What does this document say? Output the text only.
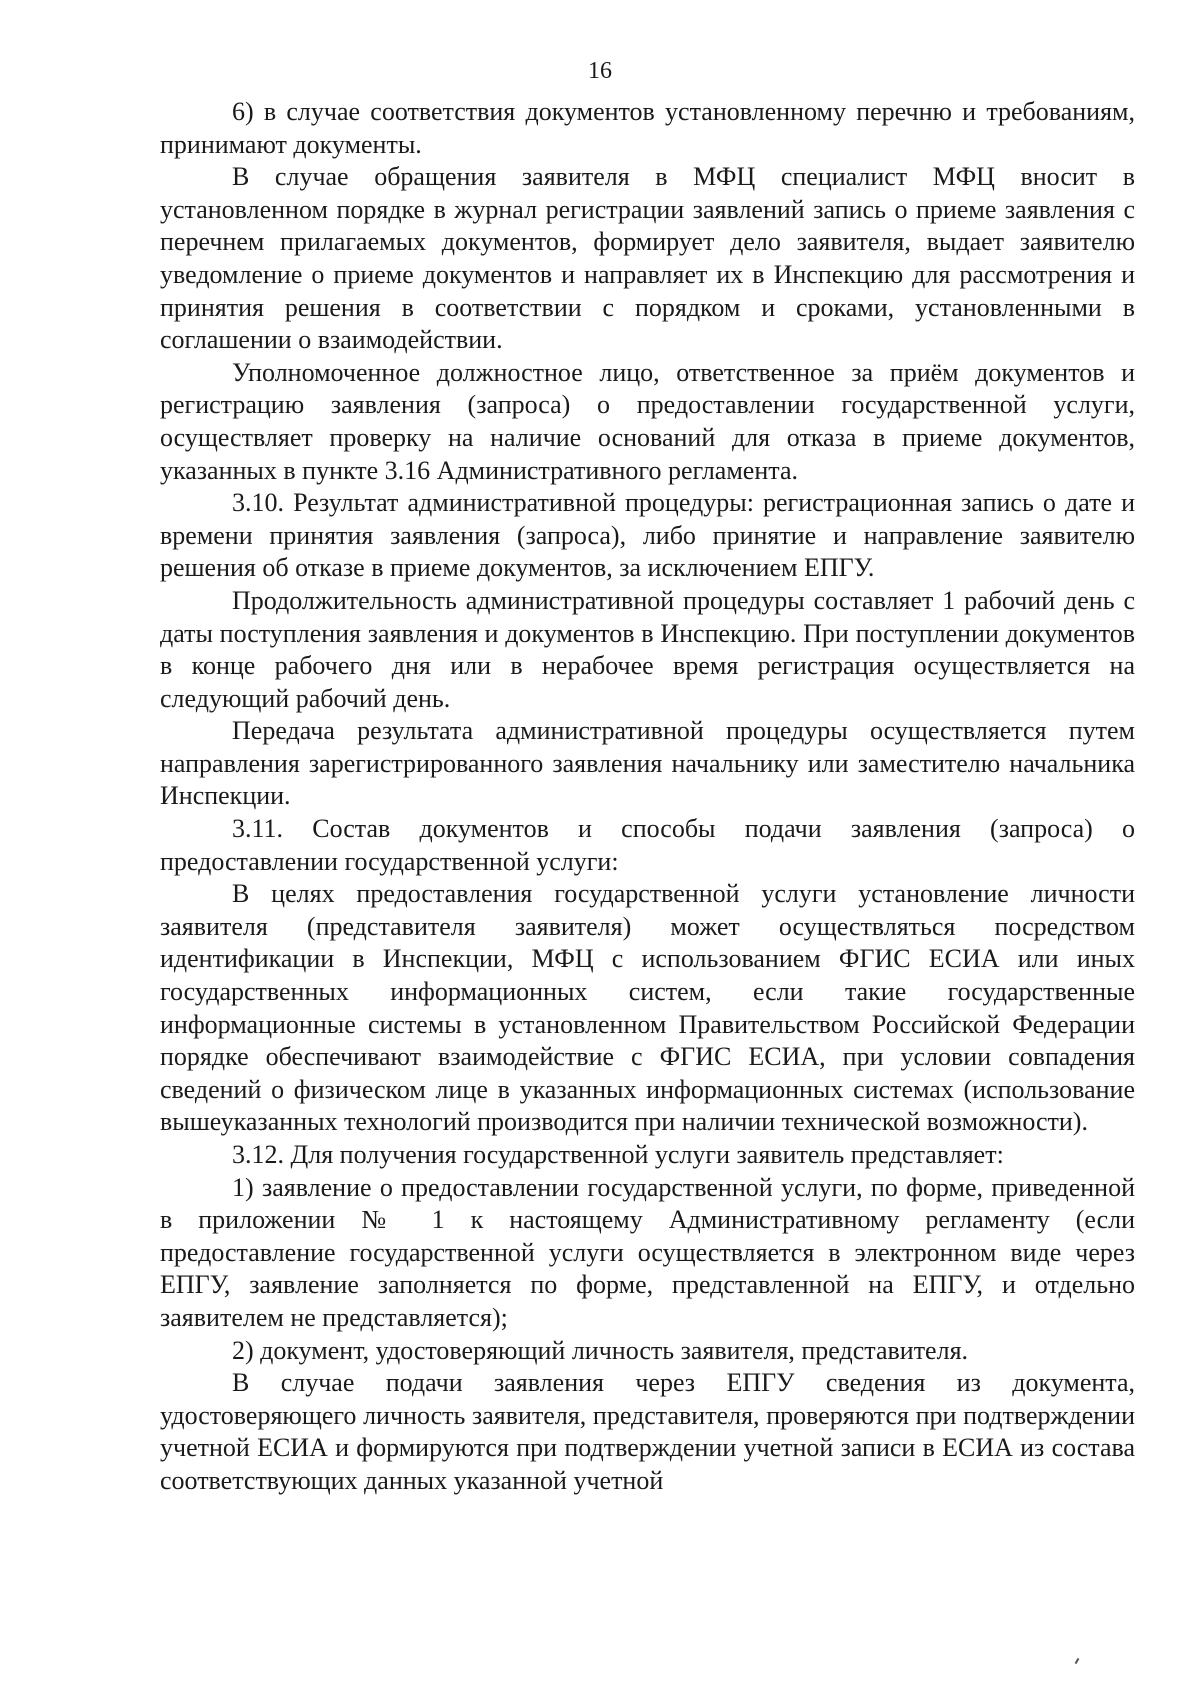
16

6) в случае соответствия документов установленному перечню и требованиям, принимают документы.

В случае обращения заявителя в МФЦ специалист МФЦ вносит в установленном порядке в журнал регистрации заявлений запись о приеме заявления с перечнем прилагаемых документов, формирует дело заявителя, выдает заявителю уведомление о приеме документов и направляет их в Инспекцию для рассмотрения и принятия решения в соответствии с порядком и сроками, установленными в соглашении о взаимодействии.

Уполномоченное должностное лицо, ответственное за приём документов и регистрацию заявления (запроса) о предоставлении государственной услуги, осуществляет проверку на наличие оснований для отказа в приеме документов, указанных в пункте 3.16 Административного регламента.

3.10. Результат административной процедуры: регистрационная запись о дате и времени принятия заявления (запроса), либо принятие и направление заявителю решения об отказе в приеме документов, за исключением ЕПГУ.

Продолжительность административной процедуры составляет 1 рабочий день с даты поступления заявления и документов в Инспекцию. При поступлении документов в конце рабочего дня или в нерабочее время регистрация осуществляется на следующий рабочий день.

Передача результата административной процедуры осуществляется путем направления зарегистрированного заявления начальнику или заместителю начальника Инспекции.

3.11. Состав документов и способы подачи заявления (запроса) о предоставлении государственной услуги:

В целях предоставления государственной услуги установление личности заявителя (представителя заявителя) может осуществляться посредством идентификации в Инспекции, МФЦ с использованием ФГИС ЕСИА или иных государственных информационных систем, если такие государственные информационные системы в установленном Правительством Российской Федерации порядке обеспечивают взаимодействие с ФГИС ЕСИА, при условии совпадения сведений о физическом лице в указанных информационных системах (использование вышеуказанных технологий производится при наличии технической возможности).

3.12. Для получения государственной услуги заявитель представляет:

1) заявление о предоставлении государственной услуги, по форме, приведенной в приложении № 1 к настоящему Административному регламенту (если предоставление государственной услуги осуществляется в электронном виде через ЕПГУ, заявление заполняется по форме, представленной на ЕПГУ, и отдельно заявителем не представляется);

2) документ, удостоверяющий личность заявителя, представителя.

В случае подачи заявления через ЕПГУ сведения из документа, удостоверяющего личность заявителя, представителя, проверяются при подтверждении учетной ЕСИА и формируются при подтверждении учетной записи в ЕСИА из состава соответствующих данных указанной учетной
